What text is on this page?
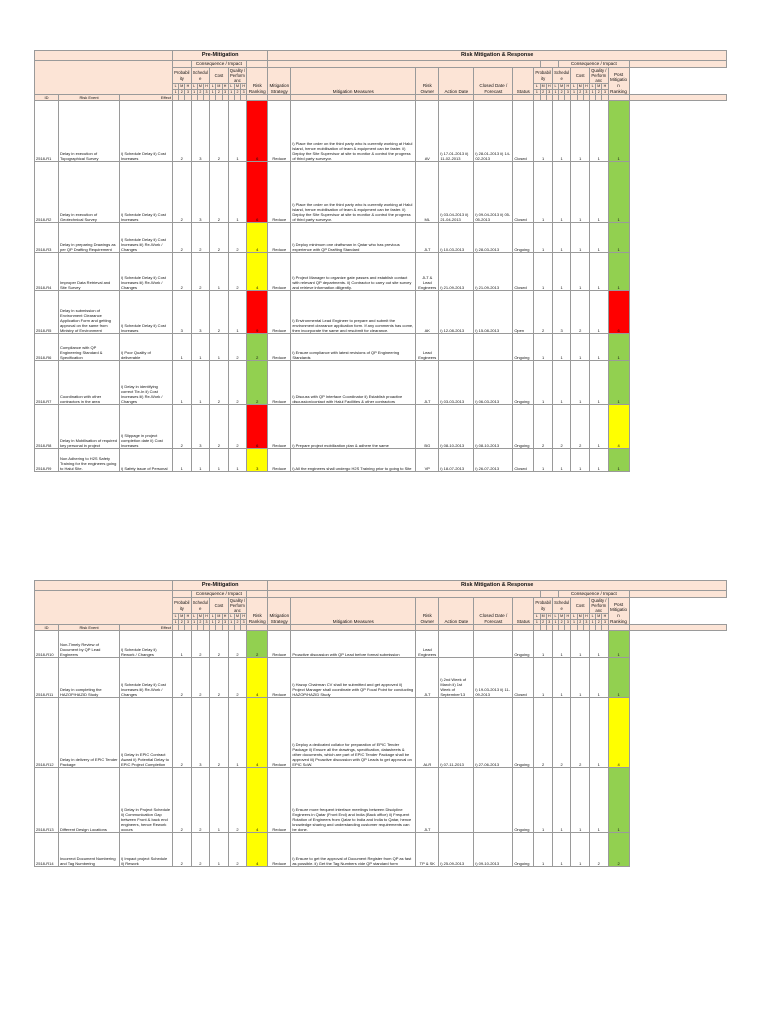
			Pre-Mitigation													Risk Mitigation & Response																			
						Consequence / Impact																				Consequence / Impact									
			Probability			Schedule			Cost			Quality / Performanc			Risk Ranking	Mitigation Strategy	Mitigation Measures	Risk Owner	Action Date	Closed Date / Forecast	Status	Probability			Schedule			Cost			Quality / Performanc			Post Mitigation Ranking	
			L	M	H	L	M	H	L	M	H	L	M	H								L	M	H	L	M	H	L	M	H	L	M	H		
			1	2	3	1	2	3	1	2	3	1	2	3								1	2	3	1	2	3	1	2	3	1	2	3		
ID	Risk Event	Effect																																	
2518-R1	Delay in execution of Topographical Survey	i) Schedule Delay ii) Cost Increases	2			3			2			1			6	Reduce	i) Place the order on the third party who is currently working at Halul island, hence mobilisation of team & equipment can be faster. ii) Deploy the Site Supervisor at site to monitor & control the progress of third party surveyor.	AV	i) 17-01-2013 ii) 11-02-2013	i) 28-01-2013 ii) 14-02-2013	Closed	1			1			1			1			1	
2518-R2	Delay in execution of Geotechnical Survey	i) Schedule Delay ii) Cost Increases	2			3			2			1			6	Reduce	i) Place the order on the third party who is currently working at Halul island, hence mobilisation of team & equipment can be faster. ii) Deploy the Site Supervisor at site to monitor & control the progress of third party surveyor.	ML	i) 03-04-2013 ii) 21-04-2013	i) 09-04-2013 ii) 05-05-2013	Closed	1			1			1			1			1	
2518-R3	Delay in preparing Drawings as per QP Drafting Requirement	i) Schedule Delay ii) Cost Increases iii) Re-Work / Changes	2			2			2			2			4	Reduce	i) Deploy minimum one draftsman in Qatar who has previous experience with QP Drafting Standard	JLT	i) 10-03-2013	i) 28-03-2013	Ongoing	1			1			1			1			1	
2518-R4	Improper Data Retrieval and Site Survey	i) Schedule Delay ii) Cost Increases iii) Re-Work / Changes	2			2			1			2			4	Reduce	i) Project Manager to organize gate passes and establish contact with relevant QP departments. ii) Contractor to carry out site survey and retrieve information diligently.	JLT & Lead Engineers	i) 21-09-2013	i) 21-09-2013	Closed	1			1			1			1			1	
2518-R5	Delay in submission of Environment Clearance Application Form and getting approval on the same from Ministry of Environment	i) Schedule Delay ii) Cost Increases	3			3			2			1			9	Reduce	i) Environmental Lead Engineer to prepare and submit the environment clearance application form. If any comments has come, then incorporate the same and resubmit for clearance.	AK	i) 12-08-2013	i) 15-08-2013	Open	2			3			2			1			6	
2518-R6	Compliance with QP Engineering Standard & Specification	i) Poor Quality of deliverable	1			1			1			2			2	Reduce	i) Ensure compliance with latest revisions of QP Engineering Standards	Lead Engineers			Ongoing	1			1			1			1			1	
2518-R7	Coordination with other contractors in the area	i) Delay in identifying correct Tie-In ii) Cost Increases iii) Re-Work / Changes	1			1			2			2			2	Reduce	i) Discuss with QP Interface Coordinator ii) Establish proactive discussion/contact with Halul Facilities & other contractors	JLT	i) 03-03-2013	i) 06-03-2013	Ongoing	1			1			1			1			1	
2518-R8	Delay in Mobilisation of required key personal in project	i) Slippage in project completion date ii) Cost Increases	2			3			2			2			6	Reduce	i) Prepare project mobilization plan & adhere the same	BG	i) 08-10-2013	i) 08-10-2013	Ongoing	2			2			2			1			4	
2518-R9	Non Adhering to H2S Safety Training for the engineers going to Halul Site.	i) Safety issue of Personal	1			1			1			1			3	Reduce	i) All the engineers shall undergo H2S Training prior to going to Site	VP	i) 18-07-2013	i) 26-07-2013	Closed	1			1			1			1			1	
			Pre-Mitigation													Risk Mitigation & Response																			
						Consequence / Impact																				Consequence / Impact									
			Probability			Schedule			Cost			Quality / Performanc			Risk Ranking	Mitigation Strategy	Mitigation Measures	Risk Owner	Action Date	Closed Date / Forecast	Status	Probability			Schedule			Cost			Quality / Performanc			Post Mitigation Ranking	
			L	M	H	L	M	H	L	M	H	L	M	H								L	M	H	L	M	H	L	M	H	L	M	H		
			1	2	3	1	2	3	1	2	3	1	2	3								1	2	3	1	2	3	1	2	3	1	2	3		
ID	Risk Event	Effect																																	
2518-R10	Non-Timely Review of Document by QP Lead Engineers	i) Schedule Delay ii) Rework / Changes	1			2			2			2			2	Reduce	Proactive discussion with QP Lead before formal submission	Lead Engineers			Ongoing	1			1			1			1			1	
2518-R11	Delay in completing the HAZOP/HAZID Study	i) Schedule Delay ii) Cost Increases iii) Re-Work / Changes	2			2			2			2			4	Reduce	i) Hazop Chairman CV shall be submitted and get approved ii) Project Manager shall coordinate with QP Focal Point for conducting HAZOP/HAZID Study	JLT	i) 2nd Week of March ii) 1st Week of September'13	i) 19-03-2013 ii) 11-09-2013	Closed	1			1			1			1			1	
2518-R12	Delay in delivery of EPIC Tender Package	i) Delay in EPIC Contract Award ii) Potential Delay to EPIC Project Completion	2			3			2			1			4	Reduce	i) Deploy a dedicated collator for preparation of EPIC Tender Package ii) Ensure all the drawings, specification, datasheets & other documents, which are part of EPIC Tender Package shall be approved iii) Proactive discussion with QP Leads to get approval on EPIC SoW.	ALR	i) 07-11-2013	i) 27-06-2013	Ongoing	2			2			2			1			4	
2518-R13	Different Design Locations	i) Delay in Project Schedule ii) Communication Gap between Front & back end engineers, hence Rework occurs	2			2			1			2			4	Reduce	i) Ensure more frequent interface meetings between Discipline Engineers in Qatar (Front End) and India (Back office) ii) Frequent Rotation of Engineers from Qatar to India and India to Qatar, hence knowledge sharing and understanding customer requirements can be done.	JLT			Ongoing	1			1			1			1			1	
2518-R14	Incorrect Document Numbering and Tag Numbering	i) Impact project Schedule ii) Rework	2			2			1			2			4	Reduce	i) Ensure to get the approval of Document Register from QP as fast as possible. ii) Get the Tag Numbers vide QP standard form	TP & SK	i) 25-09-2013	i) 09-10-2013	Ongoing	1			1			1			2			2	
